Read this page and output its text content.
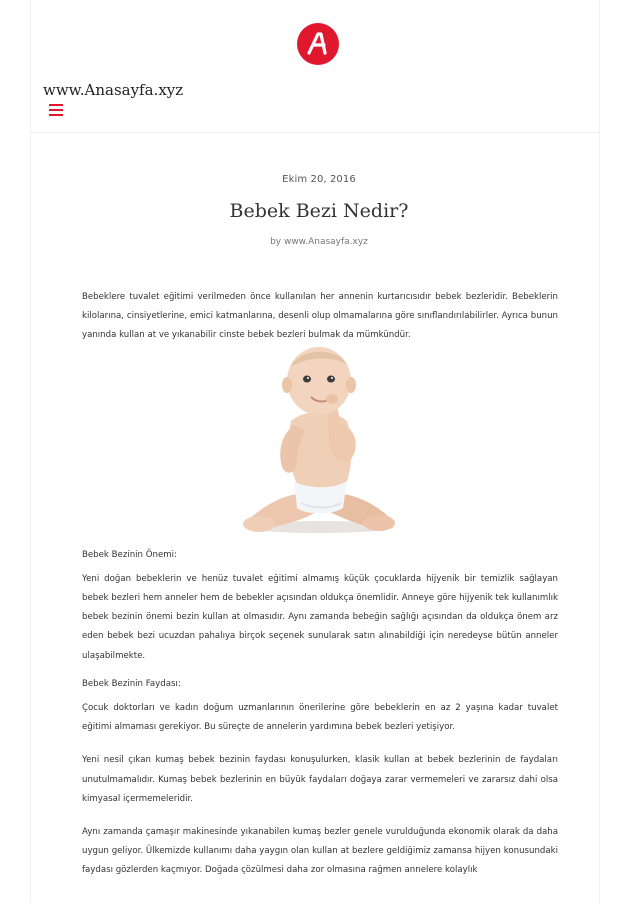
www.Anasayfa.xyz
Ekim 20, 2016
Bebek Bezi Nedir?
by www.Anasayfa.xyz

Bebeklere tuvalet eğitimi verilmeden önce kullanılan her annenin kurtarıcısıdır bebek bezleridir. Bebeklerin kilolarına, cinsiyetlerine, emici katmanlarına, desenli olup olmamalarına göre sınıflandırılabilirler. Ayrıca bunun yanında kullan at ve yıkanabilir cinste bebek bezleri bulmak da mümkündür.

Bebek Bezinin Önemi:

Yeni doğan bebeklerin ve henüz tuvalet eğitimi almamış küçük çocuklarda hijyenik bir temizlik sağlayan bebek bezleri hem anneler hem de bebekler açısından oldukça önemlidir. Anneye göre hijyenik tek kullanımlık bebek bezinin önemi bezin kullan at olmasıdır. Aynı zamanda bebeğin sağlığı açısından da oldukça önem arz eden bebek bezi ucuzdan pahalıya birçok seçenek sunularak satın alınabildiği için neredeyse bütün anneler ulaşabilmekte.

Bebek Bezinin Faydası:

Çocuk doktorları ve kadın doğum uzmanlarının önerilerine göre bebeklerin en az 2 yaşına kadar tuvalet eğitimi almaması gerekiyor. Bu süreçte de annelerin yardımına bebek bezleri yetişiyor.

Yeni nesil çıkan kumaş bebek bezinin faydası konuşulurken, klasik kullan at bebek bezlerinin de faydaları unutulmamalıdır. Kumaş bebek bezlerinin en büyük faydaları doğaya zarar vermemeleri ve zararsız dahi olsa kimyasal içermemeleridir.

Aynı zamanda çamaşır makinesinde yıkanabilen kumaş bezler genele vurulduğunda ekonomik olarak da daha uygun geliyor. Ülkemizde kullanımı daha yaygın olan kullan at bezlere geldiğimiz zamansa hijyen konusundaki faydası gözlerden kaçmıyor. Doğada çözülmesi daha zor olmasına rağmen annelere kolaylık
